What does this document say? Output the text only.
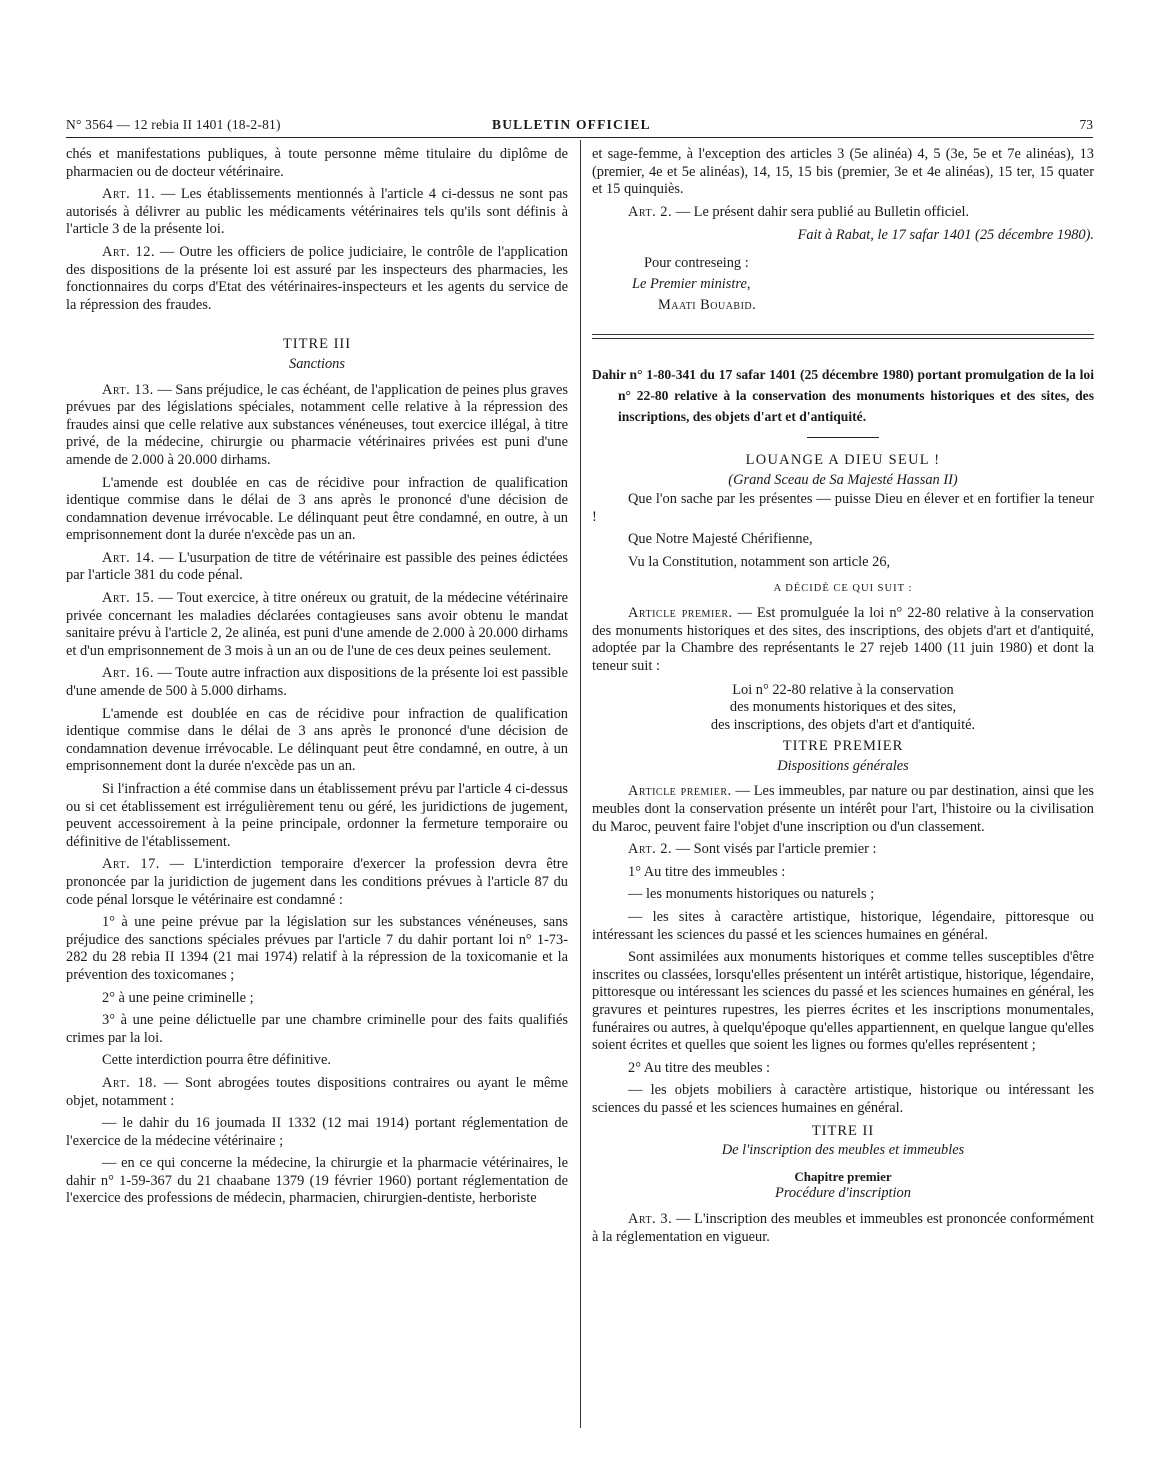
N° 3564 — 12 rebia II 1401 (18-2-81)	BULLETIN OFFICIEL	73

chés et manifestations publiques, à toute personne même titulaire du diplôme de pharmacien ou de docteur vétérinaire.

Art. 11. — Les établissements mentionnés à l'article 4 ci-dessus ne sont pas autorisés à délivrer au public les médicaments vétérinaires tels qu'ils sont définis à l'article 3 de la présente loi.

Art. 12. — Outre les officiers de police judiciaire, le contrôle de l'application des dispositions de la présente loi est assuré par les inspecteurs des pharmacies, les fonctionnaires du corps d'Etat des vétérinaires-inspecteurs et les agents du service de la répression des fraudes.

TITRE III
Sanctions

Art. 13. — Sans préjudice, le cas échéant, de l'application de peines plus graves prévues par des législations spéciales, notamment celle relative à la répression des fraudes ainsi que celle relative aux substances vénéneuses, tout exercice illégal, à titre privé, de la médecine, chirurgie ou pharmacie vétérinaires privées est puni d'une amende de 2.000 à 20.000 dirhams.

L'amende est doublée en cas de récidive pour infraction de qualification identique commise dans le délai de 3 ans après le prononcé d'une décision de condamnation devenue irrévocable. Le délinquant peut être condamné, en outre, à un emprisonnement dont la durée n'excède pas un an.

Art. 14. — L'usurpation de titre de vétérinaire est passible des peines édictées par l'article 381 du code pénal.

Art. 15. — Tout exercice, à titre onéreux ou gratuit, de la médecine vétérinaire privée concernant les maladies déclarées contagieuses sans avoir obtenu le mandat sanitaire prévu à l'article 2, 2e alinéa, est puni d'une amende de 2.000 à 20.000 dirhams et d'un emprisonnement de 3 mois à un an ou de l'une de ces deux peines seulement.

Art. 16. — Toute autre infraction aux dispositions de la présente loi est passible d'une amende de 500 à 5.000 dirhams.

L'amende est doublée en cas de récidive pour infraction de qualification identique commise dans le délai de 3 ans après le prononcé d'une décision de condamnation devenue irrévocable. Le délinquant peut être condamné, en outre, à un emprisonnement dont la durée n'excède pas un an.

Si l'infraction a été commise dans un établissement prévu par l'article 4 ci-dessus ou si cet établissement est irrégulièrement tenu ou géré, les juridictions de jugement, peuvent accessoirement à la peine principale, ordonner la fermeture temporaire ou définitive de l'établissement.

Art. 17. — L'interdiction temporaire d'exercer la profession devra être prononcée par la juridiction de jugement dans les conditions prévues à l'article 87 du code pénal lorsque le vétérinaire est condamné :

1° à une peine prévue par la législation sur les substances vénéneuses, sans préjudice des sanctions spéciales prévues par l'article 7 du dahir portant loi n° 1-73-282 du 28 rebia II 1394 (21 mai 1974) relatif à la répression de la toxicomanie et la prévention des toxicomanes ;

2° à une peine criminelle ;

3° à une peine délictuelle par une chambre criminelle pour des faits qualifiés crimes par la loi.

Cette interdiction pourra être définitive.

Art. 18. — Sont abrogées toutes dispositions contraires ou ayant le même objet, notamment :

— le dahir du 16 joumada II 1332 (12 mai 1914) portant réglementation de l'exercice de la médecine vétérinaire ;

— en ce qui concerne la médecine, la chirurgie et la pharmacie vétérinaires, le dahir n° 1-59-367 du 21 chaabane 1379 (19 février 1960) portant réglementation de l'exercice des professions de médecin, pharmacien, chirurgien-dentiste, herboriste

et sage-femme, à l'exception des articles 3 (5e alinéa) 4, 5 (3e, 5e et 7e alinéas), 13 (premier, 4e et 5e alinéas), 14, 15, 15 bis (premier, 3e et 4e alinéas), 15 ter, 15 quater et 15 quinquiès.

Art. 2. — Le présent dahir sera publié au Bulletin officiel.

Fait à Rabat, le 17 safar 1401 (25 décembre 1980).
Pour contreseing :
Le Premier ministre,
Maati Bouabid.
Dahir n° 1-80-341 du 17 safar 1401 (25 décembre 1980) portant promulgation de la loi n° 22-80 relative à la conservation des monuments historiques et des sites, des inscriptions, des objets d'art et d'antiquité.
LOUANGE A DIEU SEUL !
(Grand Sceau de Sa Majesté Hassan II)

Que l'on sache par les présentes — puisse Dieu en élever et en fortifier la teneur !

Que Notre Majesté Chérifienne,

Vu la Constitution, notamment son article 26,

A DÉCIDÉ CE QUI SUIT :

Article premier. — Est promulguée la loi n° 22-80 relative à la conservation des monuments historiques et des sites, des inscriptions, des objets d'art et d'antiquité, adoptée par la Chambre des représentants le 27 rejeb 1400 (11 juin 1980) et dont la teneur suit :

Loi n° 22-80 relative à la conservation
des monuments historiques et des sites,
des inscriptions, des objets d'art et d'antiquité.
TITRE PREMIER
Dispositions générales

Article premier. — Les immeubles, par nature ou par destination, ainsi que les meubles dont la conservation présente un intérêt pour l'art, l'histoire ou la civilisation du Maroc, peuvent faire l'objet d'une inscription ou d'un classement.

Art. 2. — Sont visés par l'article premier :

1° Au titre des immeubles :

— les monuments historiques ou naturels ;

— les sites à caractère artistique, historique, légendaire, pittoresque ou intéressant les sciences du passé et les sciences humaines en général.

Sont assimilées aux monuments historiques et comme telles susceptibles d'être inscrites ou classées, lorsqu'elles présentent un intérêt artistique, historique, légendaire, pittoresque ou intéressant les sciences du passé et les sciences humaines en général, les gravures et peintures rupestres, les pierres écrites et les inscriptions monumentales, funéraires ou autres, à quelqu'époque qu'elles appartiennent, en quelque langue qu'elles soient écrites et quelles que soient les lignes ou formes qu'elles représentent ;

2° Au titre des meubles :

— les objets mobiliers à caractère artistique, historique ou intéressant les sciences du passé et les sciences humaines en général.

TITRE II
De l'inscription des meubles et immeubles
Chapitre premier
Procédure d'inscription

Art. 3. — L'inscription des meubles et immeubles est prononcée conformément à la réglementation en vigueur.
